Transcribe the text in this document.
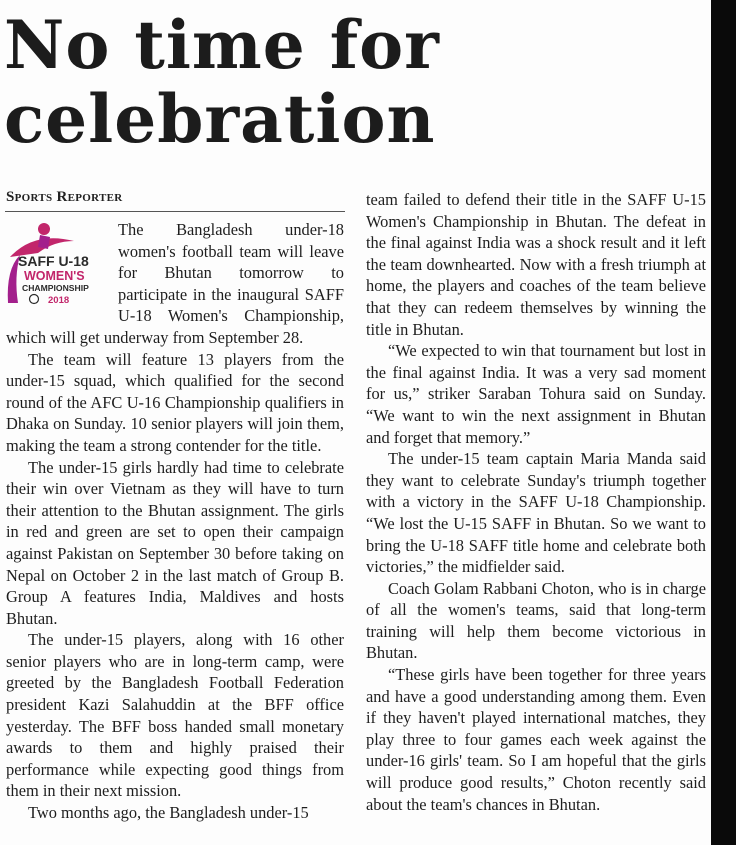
No time for
celebration
Sports Reporter
SAFF U-18
WOMEN'S
CHAMPIONSHIP
2018

The Bangladesh under-18 women's football team will leave for Bhutan tomorrow to participate in the inaugural SAFF U-18 Women's Championship, which will get underway from September 28.

The team will feature 13 players from the under-15 squad, which qualified for the second round of the AFC U-16 Championship qualifiers in Dhaka on Sunday. 10 senior players will join them, making the team a strong contender for the title.

The under-15 girls hardly had time to celebrate their win over Vietnam as they will have to turn their attention to the Bhutan assignment. The girls in red and green are set to open their campaign against Pakistan on September 30 before taking on Nepal on October 2 in the last match of Group B. Group A features India, Maldives and hosts Bhutan.

The under-15 players, along with 16 other senior players who are in long-term camp, were greeted by the Bangladesh Football Federation president Kazi Salahuddin at the BFF office yesterday. The BFF boss handed small monetary awards to them and highly praised their performance while expecting good things from them in their next mission.

Two months ago, the Bangladesh under-15

team failed to defend their title in the SAFF U-15 Women's Championship in Bhutan. The defeat in the final against India was a shock result and it left the team downhearted. Now with a fresh triumph at home, the players and coaches of the team believe that they can redeem themselves by winning the title in Bhutan.

“We expected to win that tournament but lost in the final against India. It was a very sad moment for us,” striker Saraban Tohura said on Sunday. “We want to win the next assignment in Bhutan and forget that memory.”

The under-15 team captain Maria Manda said they want to celebrate Sunday's triumph together with a victory in the SAFF U-18 Championship. “We lost the U-15 SAFF in Bhutan. So we want to bring the U-18 SAFF title home and celebrate both victories,” the midfielder said.

Coach Golam Rabbani Choton, who is in charge of all the women's teams, said that long-term training will help them become victorious in Bhutan.

“These girls have been together for three years and have a good understanding among them. Even if they haven't played international matches, they play three to four games each week against the under-16 girls' team. So I am hopeful that the girls will produce good results,” Choton recently said about the team's chances in Bhutan.
